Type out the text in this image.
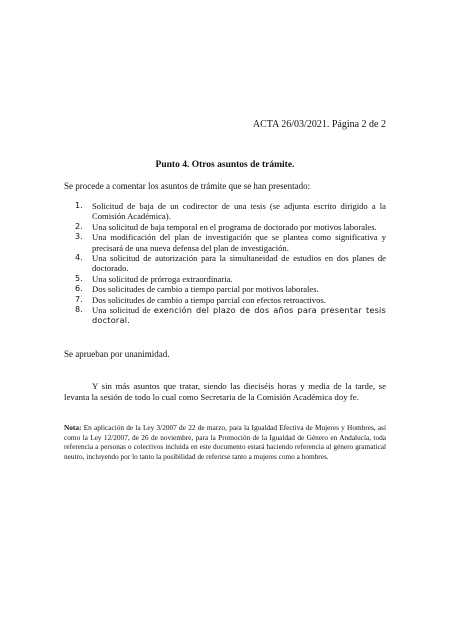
ACTA 26/03/2021. Página 2 de 2
Punto 4. Otros asuntos de trámite.
Se procede a comentar los asuntos de trámite que se han presentado:
1.	Solicitud de baja de un codirector de una tesis (se adjunta escrito dirigido a la Comisión Académica).
2.	Una solicitud de baja temporal en el programa de doctorado por motivos laborales.
3.	Una modificación del plan de investigación que se plantea como significativa y precisará de una nueva defensa del plan de investigación.
4.	Una solicitud de autorización para la simultaneidad de estudios en dos planes de doctorado.
5.	Una solicitud de prórroga extraordinaria.
6.	Dos solicitudes de cambio a tiempo parcial por motivos laborales.
7.	Dos solicitudes de cambio a tiempo parcial con efectos retroactivos.
8.	Una solicitud de exención del plazo de dos años para presentar tesis doctoral.
Se aprueban por unanimidad.
Y sin más asuntos que tratar, siendo las dieciséis horas y media de la tarde, se levanta la sesión de todo lo cual como Secretaria de la Comisión Académica doy fe.
Nota: En aplicación de la Ley 3/2007 de 22 de marzo, para la Igualdad Efectiva de Mujeres y Hombres, así como la Ley 12/2007, de 26 de noviembre, para la Promoción de la Igualdad de Género en Andalucía, toda referencia a personas o colectivos incluida en este documento estará haciendo referencia al género gramatical neutro, incluyendo por lo tanto la posibilidad de referirse tanto a mujeres como a hombres.
